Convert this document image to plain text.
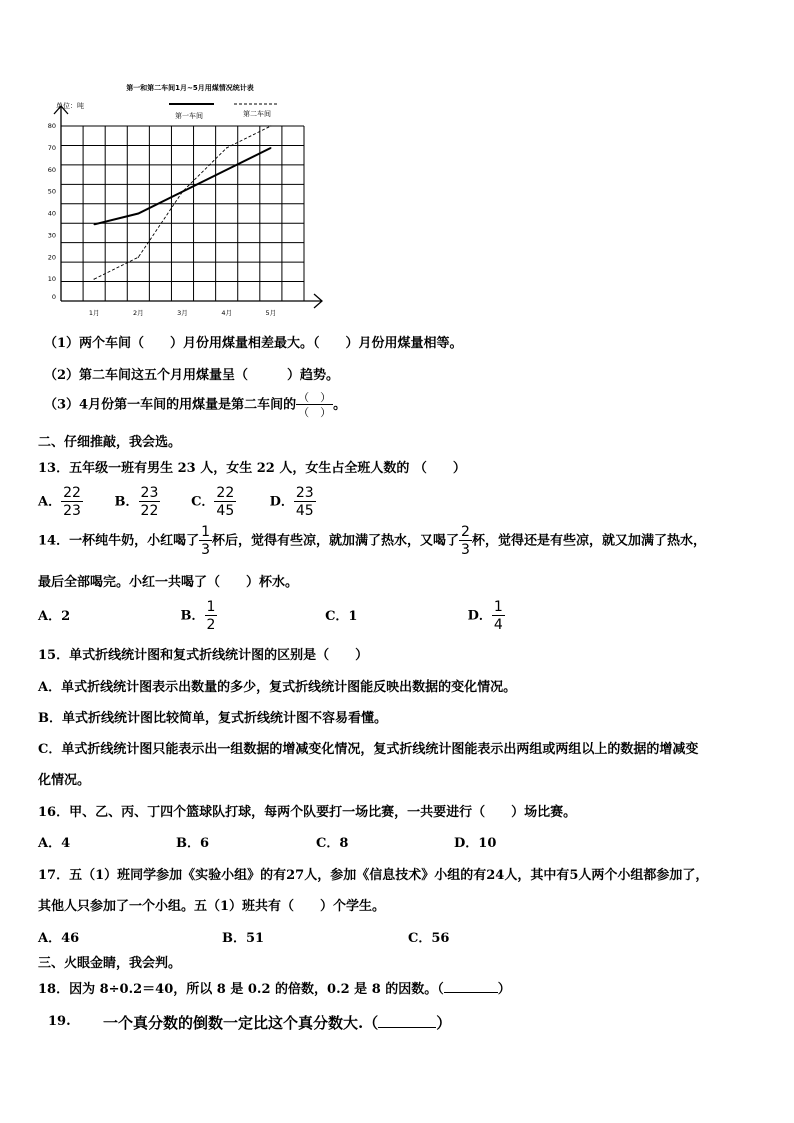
第一和第二车间1月~5月用煤情况统计表
单位：吨
第一车间	第二车间
0
10
20
30
40
50
60
70
80
1月	2月	3月	4月	5月
（1）两个车间（　　）月份用煤量相差最大。（　　）月份用煤量相等。
（2）第二车间这五个月用煤量呈（　　　）趋势。
（3）4月份第一车间的用煤量是第二车间的 $\frac{( )}{( )}$ 。
二、仔细推敲，我会选。
13．五年级一班有男生 23 人，女生 22 人，女生占全班人数的 （　　）
A． $\frac{22}{23}$ B． $\frac{23}{22}$ C． $\frac{22}{45}$	D． $\frac{23}{45}$
14．一杯纯牛奶，小红喝了 $\frac{1}{3}$ 杯后，觉得有些凉，就加满了热水，又喝了 $\frac{2}{3}$ 杯，觉得还是有些凉，就又加满了热水，
最后全部喝完。小红一共喝了（　　）杯水。
A．2	B． $\frac{1}{2}$	C．1	D． $\frac{1}{4}$
15．单式折线统计图和复式折线统计图的区别是（　　）
A．单式折线统计图表示出数量的多少，复式折线统计图能反映出数据的变化情况。
B．单式折线统计图比较简单，复式折线统计图不容易看懂。
C．单式折线统计图只能表示出一组数据的增减变化情况，复式折线统计图能表示出两组或两组以上的数据的增减变
化情况。
16．甲、乙、丙、丁四个篮球队打球，每两个队要打一场比赛，一共要进行（　　）场比赛。
A．4	B．6	C．8	D．10
17．五（1）班同学参加《实验小组》的有27人，参加《信息技术》小组的有24人，其中有5人两个小组都参加了，
其他人只参加了一个小组。五（1）班共有（　　）个学生。
A．46	B．51	C．56
三、火眼金睛，我会判。
18．因为 8÷0.2＝40，所以 8 是 0.2 的倍数，0.2 是 8 的因数。（	）
19. 一个真分数的倒数一定比这个真分数大.（	）
